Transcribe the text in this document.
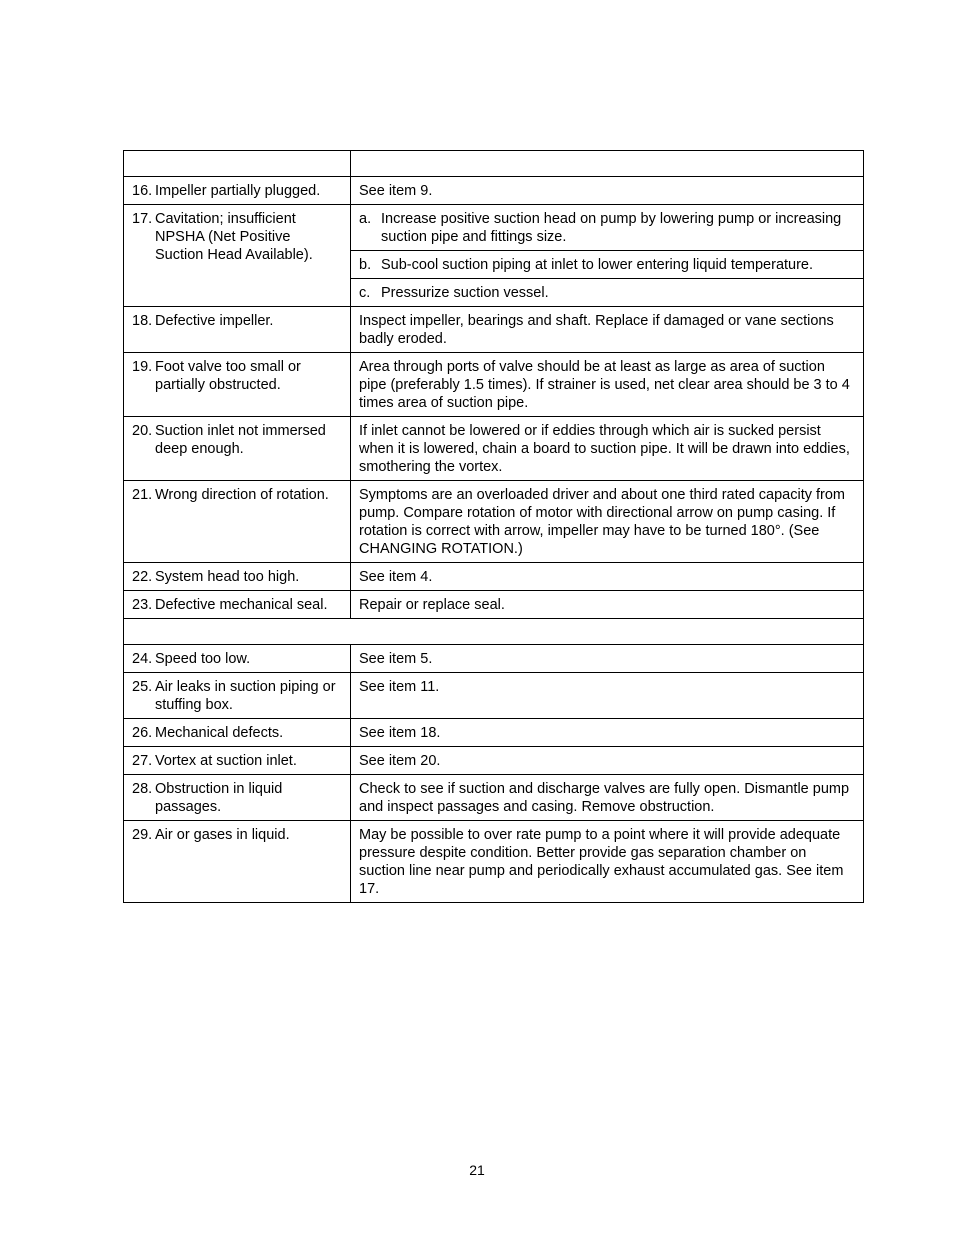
16. Impeller partially plugged.	See item 9.

17. Cavitation; insufficient NPSHA (Net Positive Suction Head Available).	a. Increase positive suction head on pump by lowering pump or increasing suction pipe and fittings size.

	b. Sub-cool suction piping at inlet to lower entering liquid temperature.

	c. Pressurize suction vessel.

18. Defective impeller.	Inspect impeller, bearings and shaft. Replace if damaged or vane sections badly eroded.

19. Foot valve too small or partially obstructed.	Area through ports of valve should be at least as large as area of suction pipe (preferably 1.5 times). If strainer is used, net clear area should be 3 to 4 times area of suction pipe.

20. Suction inlet not immersed deep enough.	If inlet cannot be lowered or if eddies through which air is sucked persist when it is lowered, chain a board to suction pipe. It will be drawn into eddies, smothering the vortex.

21. Wrong direction of rotation.	Symptoms are an overloaded driver and about one third rated capacity from pump. Compare rotation of motor with directional arrow on pump casing. If rotation is correct with arrow, impeller may have to be turned 180°. (See CHANGING ROTATION.)

22. System head too high.	See item 4.

23. Defective mechanical seal.	Repair or replace seal.

24. Speed too low.	See item 5.

25. Air leaks in suction piping or stuffing box.	See item 11.

26. Mechanical defects.	See item 18.

27. Vortex at suction inlet.	See item 20.

28. Obstruction in liquid passages.	Check to see if suction and discharge valves are fully open. Dismantle pump and inspect passages and casing. Remove obstruction.

29. Air or gases in liquid.	May be possible to over rate pump to a point where it will provide adequate pressure despite condition. Better provide gas separation chamber on suction line near pump and periodically exhaust accumulated gas. See item 17.
21
